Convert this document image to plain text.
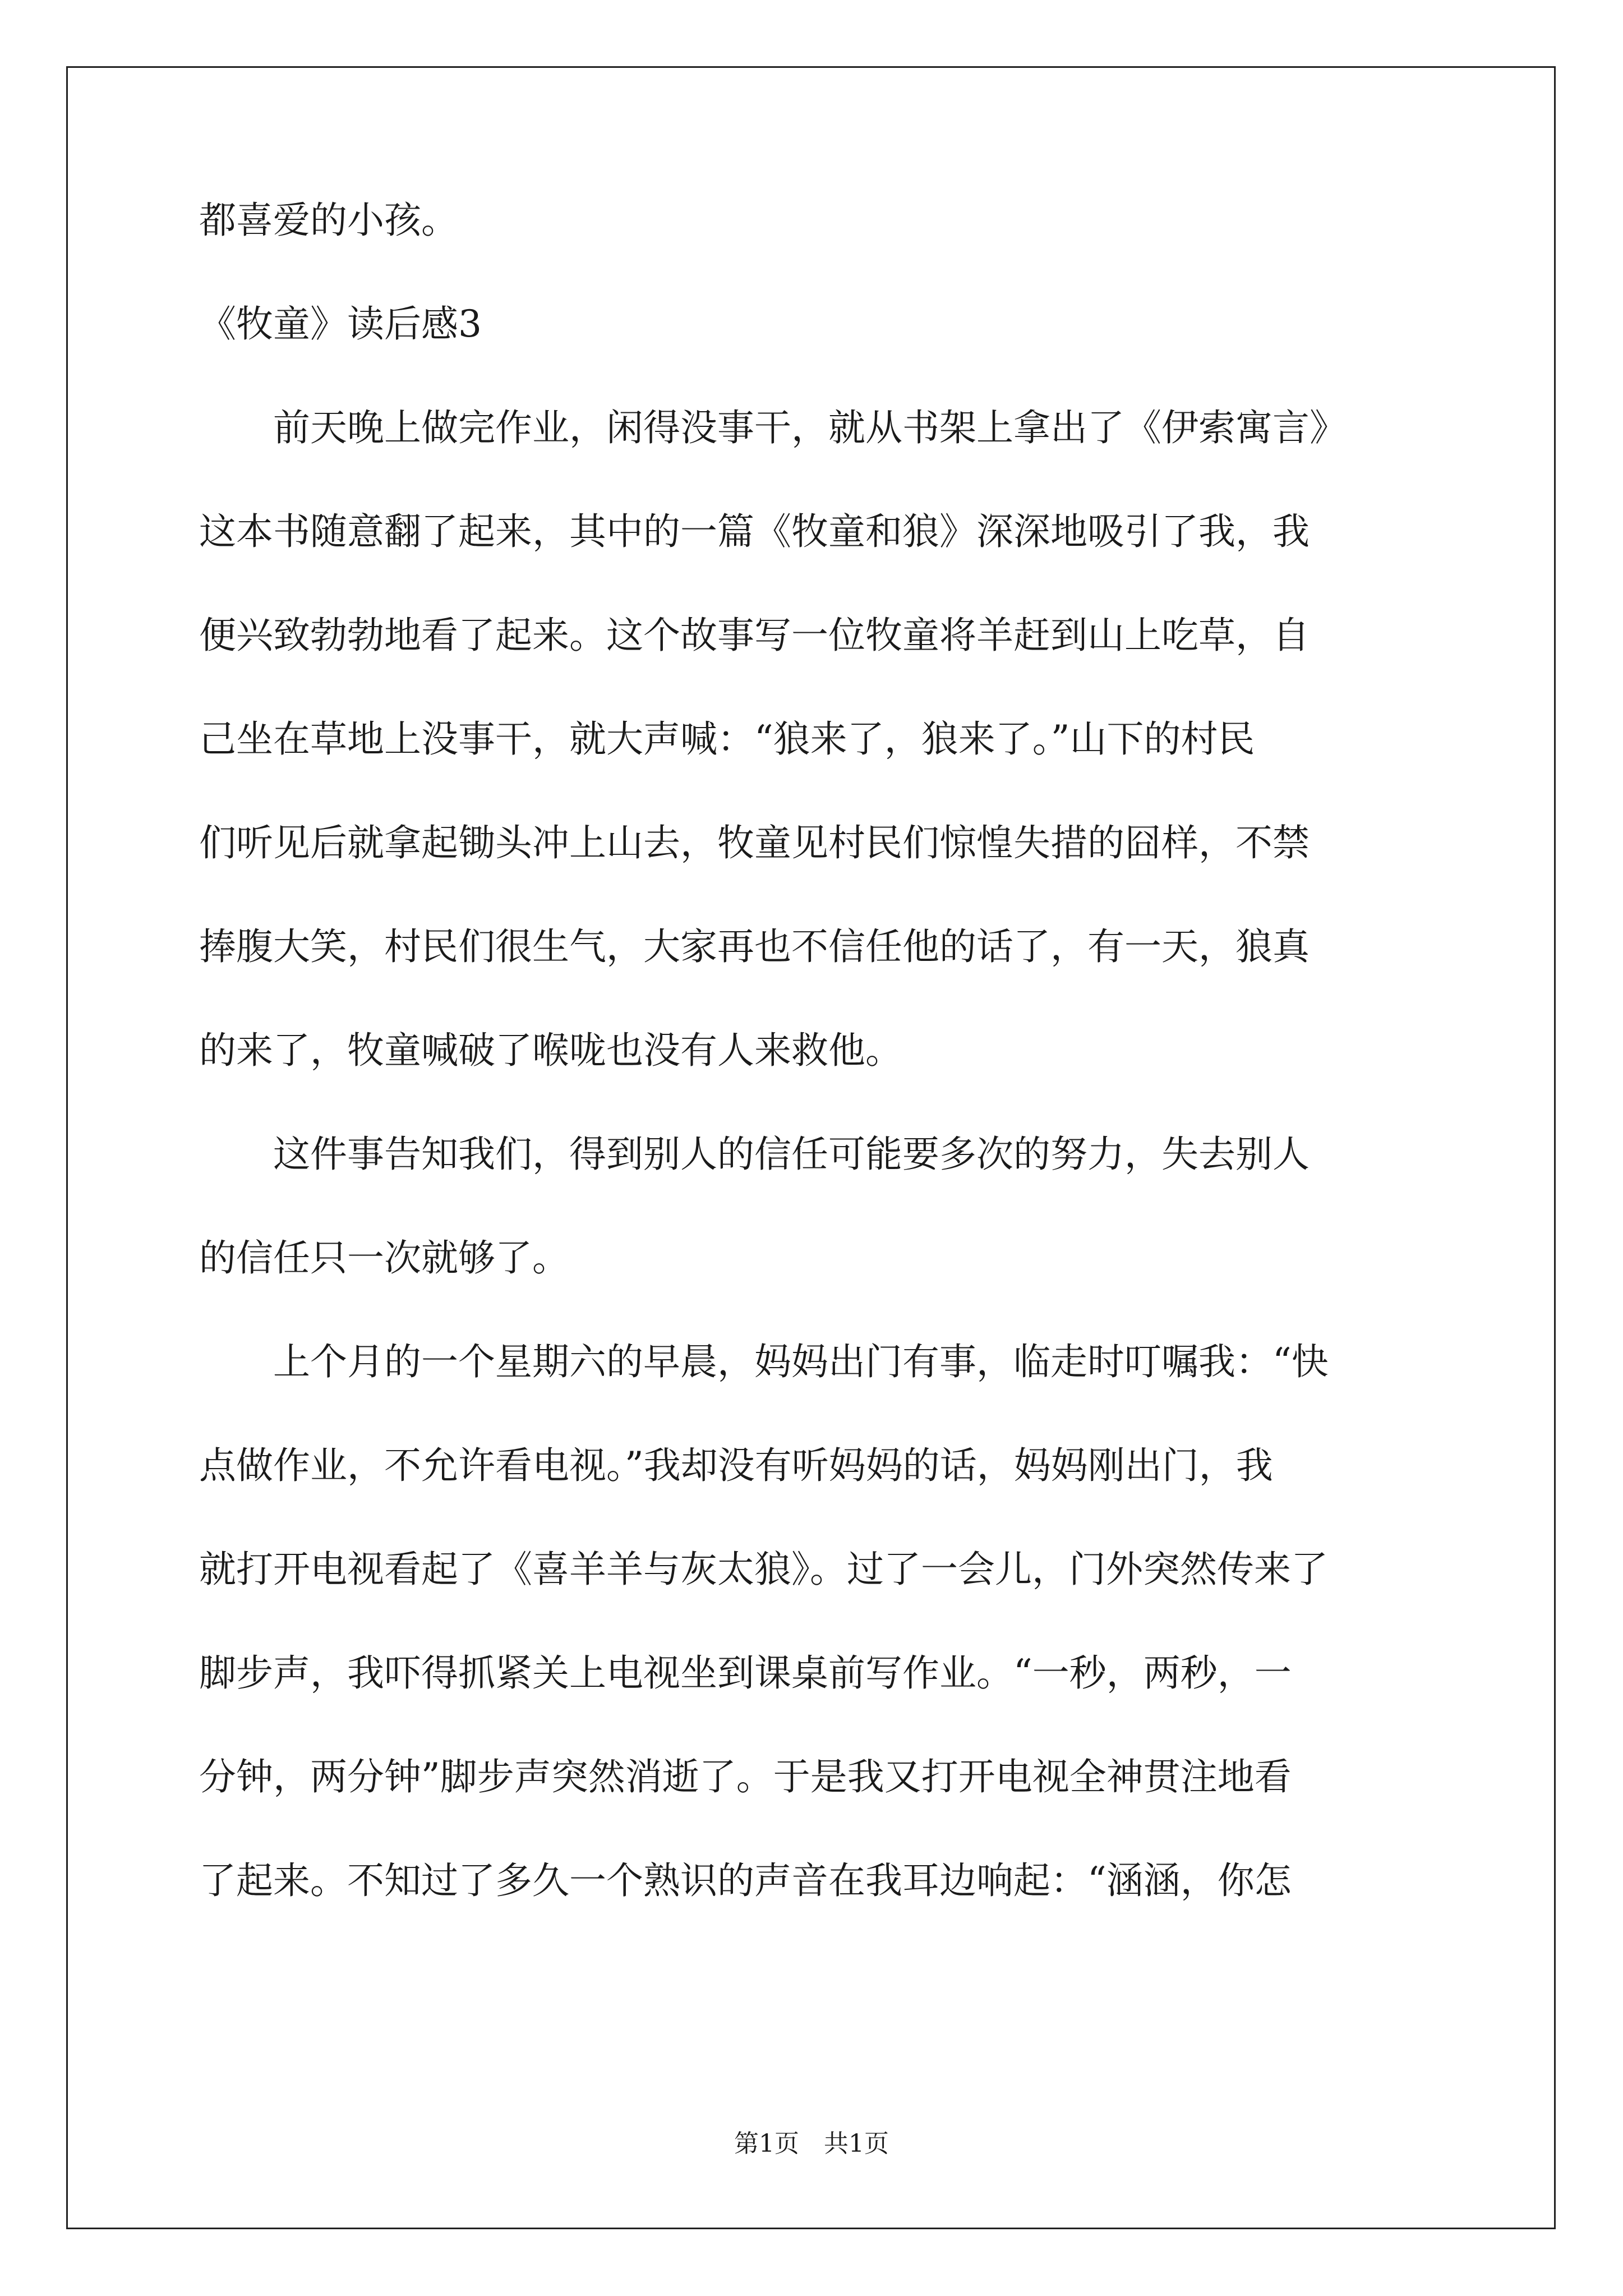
都喜爱的小孩。

《牧童》读后感3

　　前天晚上做完作业，闲得没事干，就从书架上拿出了《伊索寓言》

这本书随意翻了起来，其中的一篇《牧童和狼》深深地吸引了我，我

便兴致勃勃地看了起来。这个故事写一位牧童将羊赶到山上吃草，自

己坐在草地上没事干，就大声喊：“狼来了，狼来了。”山下的村民

们听见后就拿起锄头冲上山去，牧童见村民们惊惶失措的囧样，不禁

捧腹大笑，村民们很生气，大家再也不信任他的话了，有一天，狼真

的来了，牧童喊破了喉咙也没有人来救他。

　　这件事告知我们，得到别人的信任可能要多次的努力，失去别人

的信任只一次就够了。

　　上个月的一个星期六的早晨，妈妈出门有事，临走时叮嘱我：“快

点做作业，不允许看电视。”我却没有听妈妈的话，妈妈刚出门，我

就打开电视看起了《喜羊羊与灰太狼》。过了一会儿，门外突然传来了

脚步声，我吓得抓紧关上电视坐到课桌前写作业。“一秒，两秒，一

分钟，两分钟”脚步声突然消逝了。于是我又打开电视全神贯注地看

了起来。不知过了多久一个熟识的声音在我耳边响起：“涵涵，你怎

第1页　共1页
